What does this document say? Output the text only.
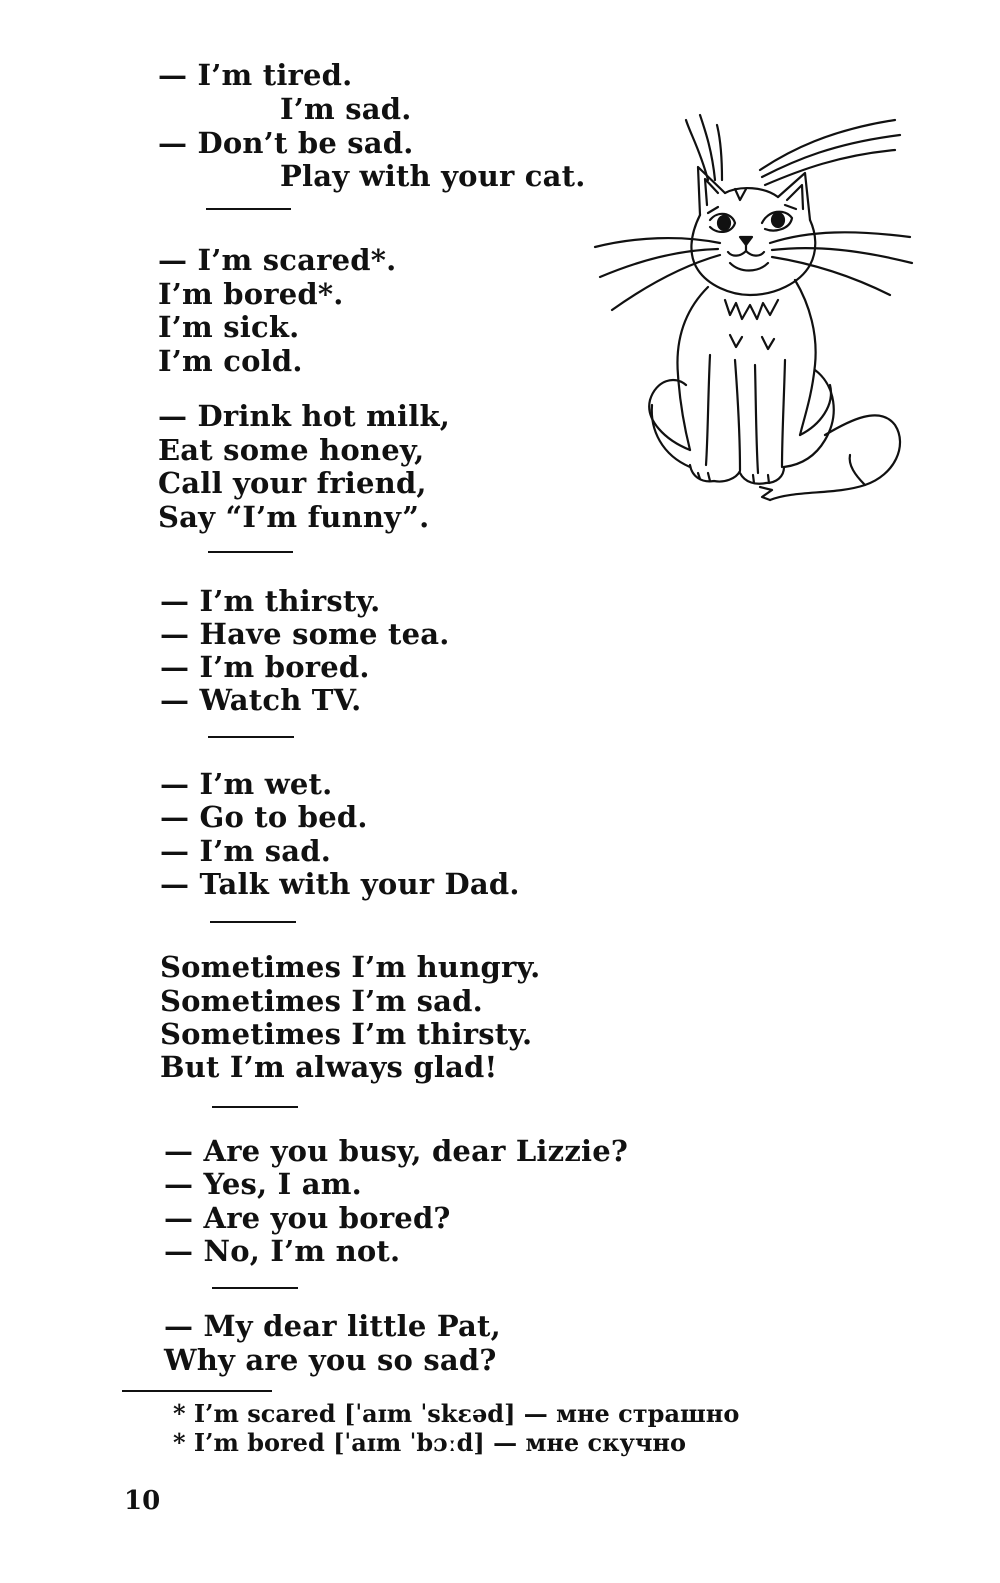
— I’m tired.
I’m sad.
— Don’t be sad.
Play with your cat.
— I’m scared*.
I’m bored*.
I’m sick.
I’m cold.
— Drink hot milk,
Eat some honey,
Call your friend,
Say “I’m funny”.
— I’m thirsty.
— Have some tea.
— I’m bored.
— Watch TV.
— I’m wet.
— Go to bed.
— I’m sad.
— Talk with your Dad.
Sometimes I’m hungry.
Sometimes I’m sad.
Sometimes I’m thirsty.
But I’m always glad!
— Are you busy, dear Lizzie?
— Yes, I am.
— Are you bored?
— No, I’m not.
— My dear little Pat,
Why are you so sad?
* I’m scared [ˈaɪm ˈskɛəd] — мне страшно
* I’m bored [ˈaɪm ˈbɔːd] — мне скучно
10
